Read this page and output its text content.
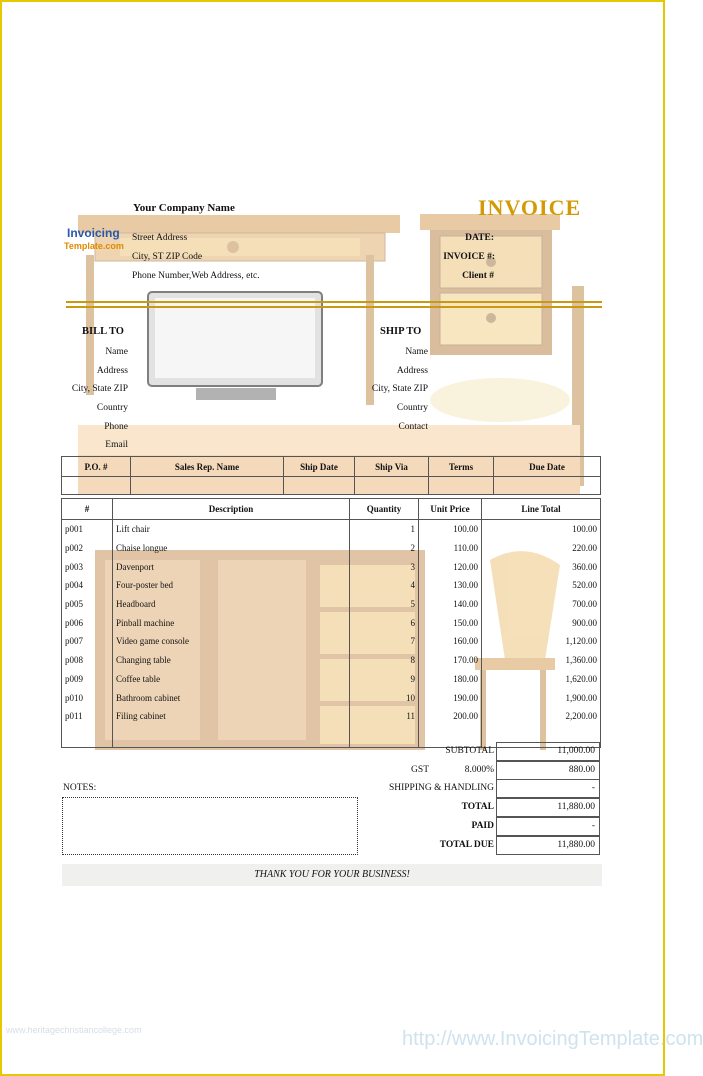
Invoicing
Template.com
Your Company Name
Street Address
City, ST ZIP Code
Phone Number,Web Address, etc.
INVOICE
DATE:
INVOICE #:
Client #
BILL TO
Name
Address
City, State ZIP
Country
Phone
Email
SHIP TO
Name
Address
City, State ZIP
Country
Contact
P.O. #	Sales Rep. Name	Ship Date	Ship Via	Terms	Due Date

#	Description	Quantity	Unit Price	Line Total
p001	Lift chair	1	100.00	100.00
p002	Chaise longue	2	110.00	220.00
p003	Davenport	3	120.00	360.00
p004	Four-poster bed	4	130.00	520.00
p005	Headboard	5	140.00	700.00
p006	Pinball machine	6	150.00	900.00
p007	Video game console	7	160.00	1,120.00
p008	Changing table	8	170.00	1,360.00
p009	Coffee table	9	180.00	1,620.00
p010	Bathroom cabinet	10	190.00	1,900.00
p011	Filing cabinet	11	200.00	2,200.00

SUBTOTAL	11,000.00
GST	8.000%	880.00
SHIPPING & HANDLING	-
TOTAL	11,880.00
PAID	-
TOTAL DUE	11,880.00
NOTES:
THANK YOU FOR YOUR BUSINESS!
www.heritagechristiancollege.com	http://www.InvoicingTemplate.com
